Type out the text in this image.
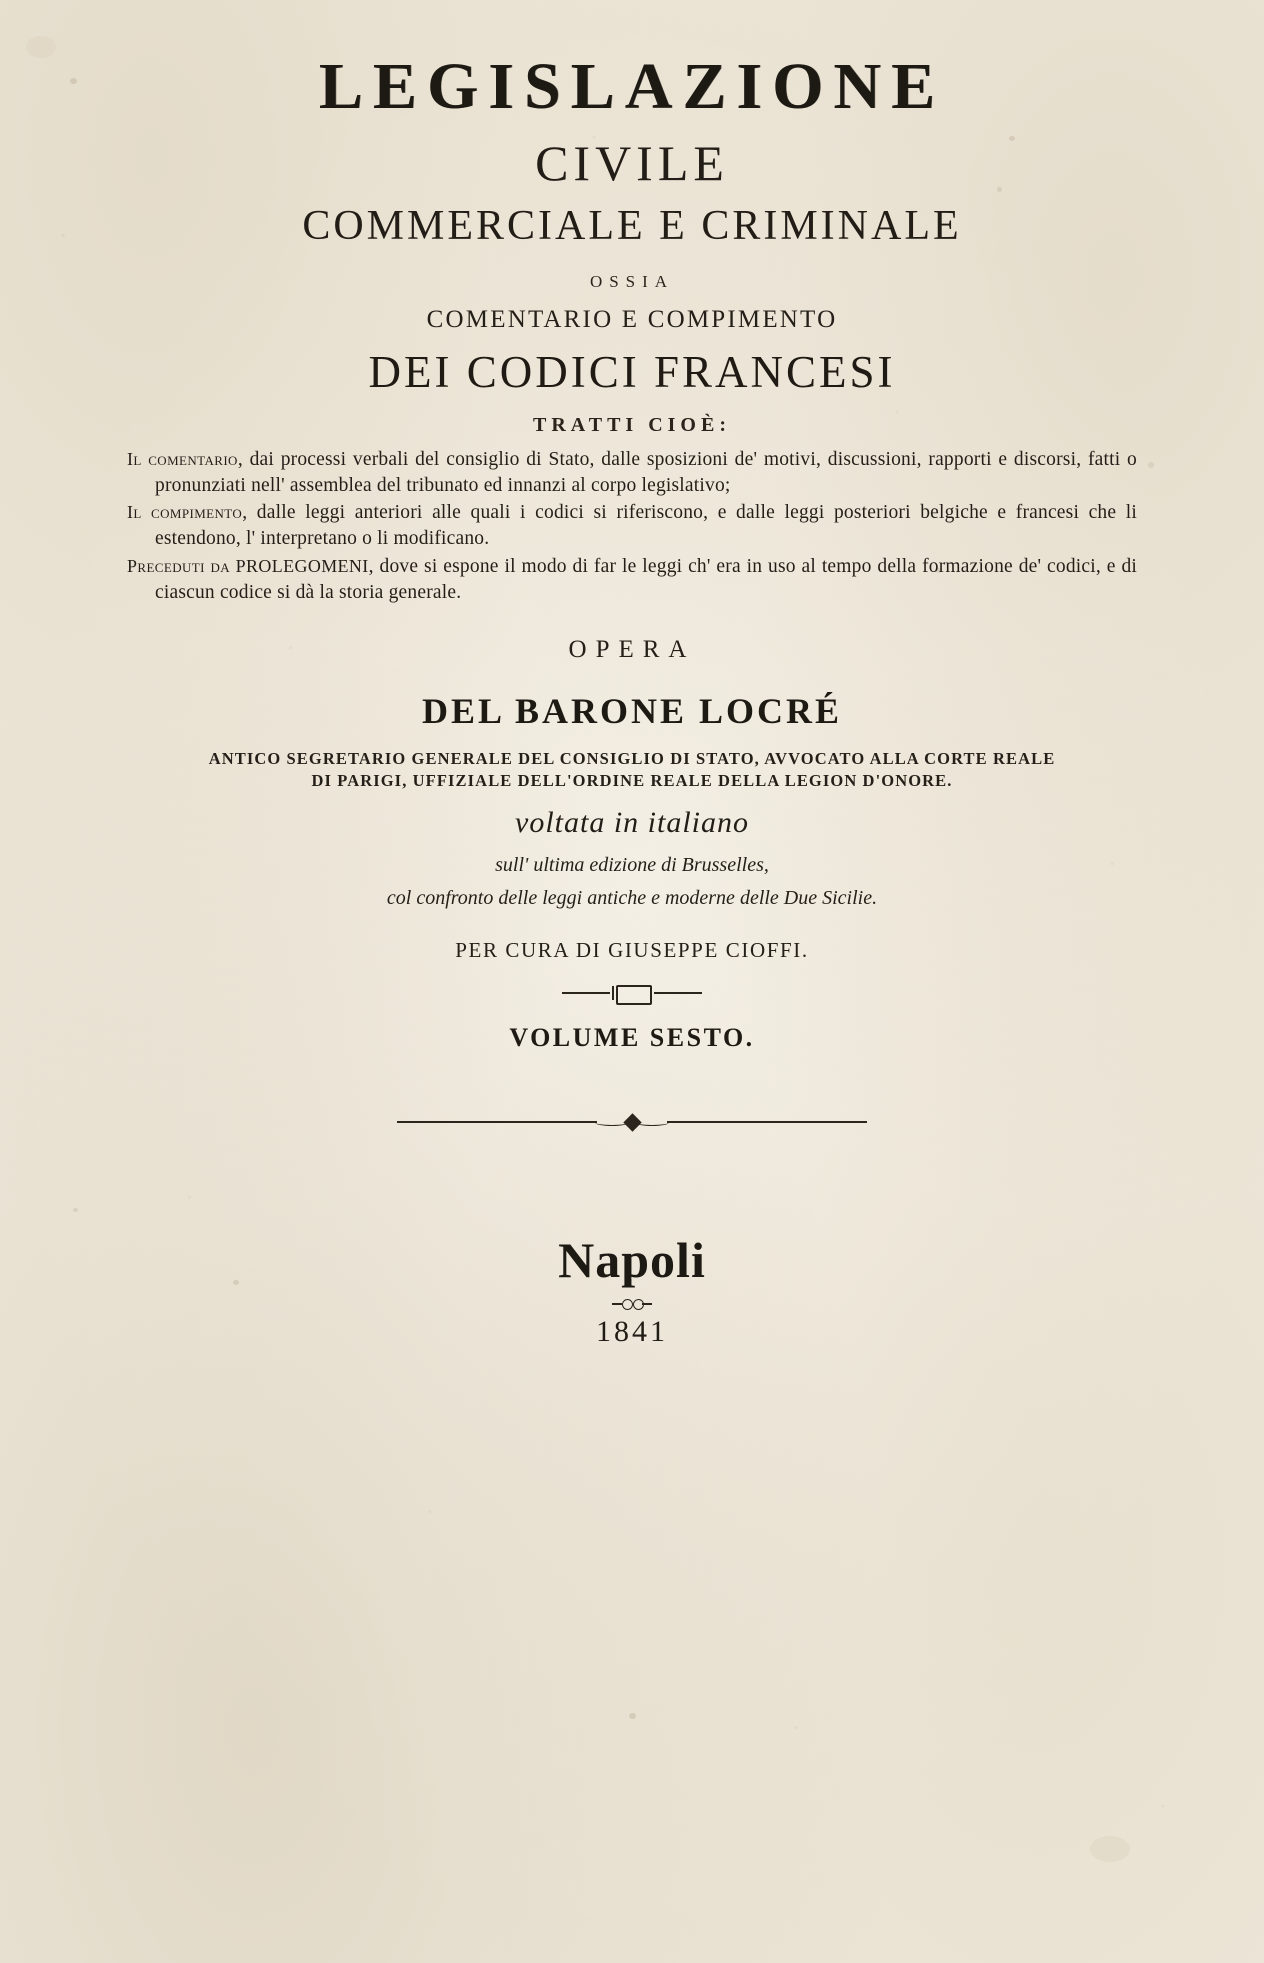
LEGISLAZIONE
CIVILE
COMMERCIALE E CRIMINALE
OSSIA
COMENTARIO E COMPIMENTO
DEI CODICI FRANCESI
TRATTI CIOÈ:

Il comentario, dai processi verbali del consiglio di Stato, dalle sposizioni de' motivi, discussioni, rapporti e discorsi, fatti o pronunziati nell' assemblea del tribunato ed innanzi al corpo legislativo;

Il compimento, dalle leggi anteriori alle quali i codici si riferiscono, e dalle leggi posteriori belgiche e francesi che li estendono, l' interpretano o li modificano.

Preceduti da PROLEGOMENI, dove si espone il modo di far le leggi ch' era in uso al tempo della formazione de' codici, e di ciascun codice si dà la storia generale.

OPERA
DEL BARONE LOCRÉ
ANTICO SEGRETARIO GENERALE DEL CONSIGLIO DI STATO, AVVOCATO ALLA CORTE REALE
DI PARIGI, UFFIZIALE DELL'ORDINE REALE DELLA LEGION D'ONORE.
voltata in italiano
sull' ultima edizione di Brusselles,
col confronto delle leggi antiche e moderne delle Due Sicilie.
PER CURA DI GIUSEPPE CIOFFI.
VOLUME SESTO.
Napoli
1841
